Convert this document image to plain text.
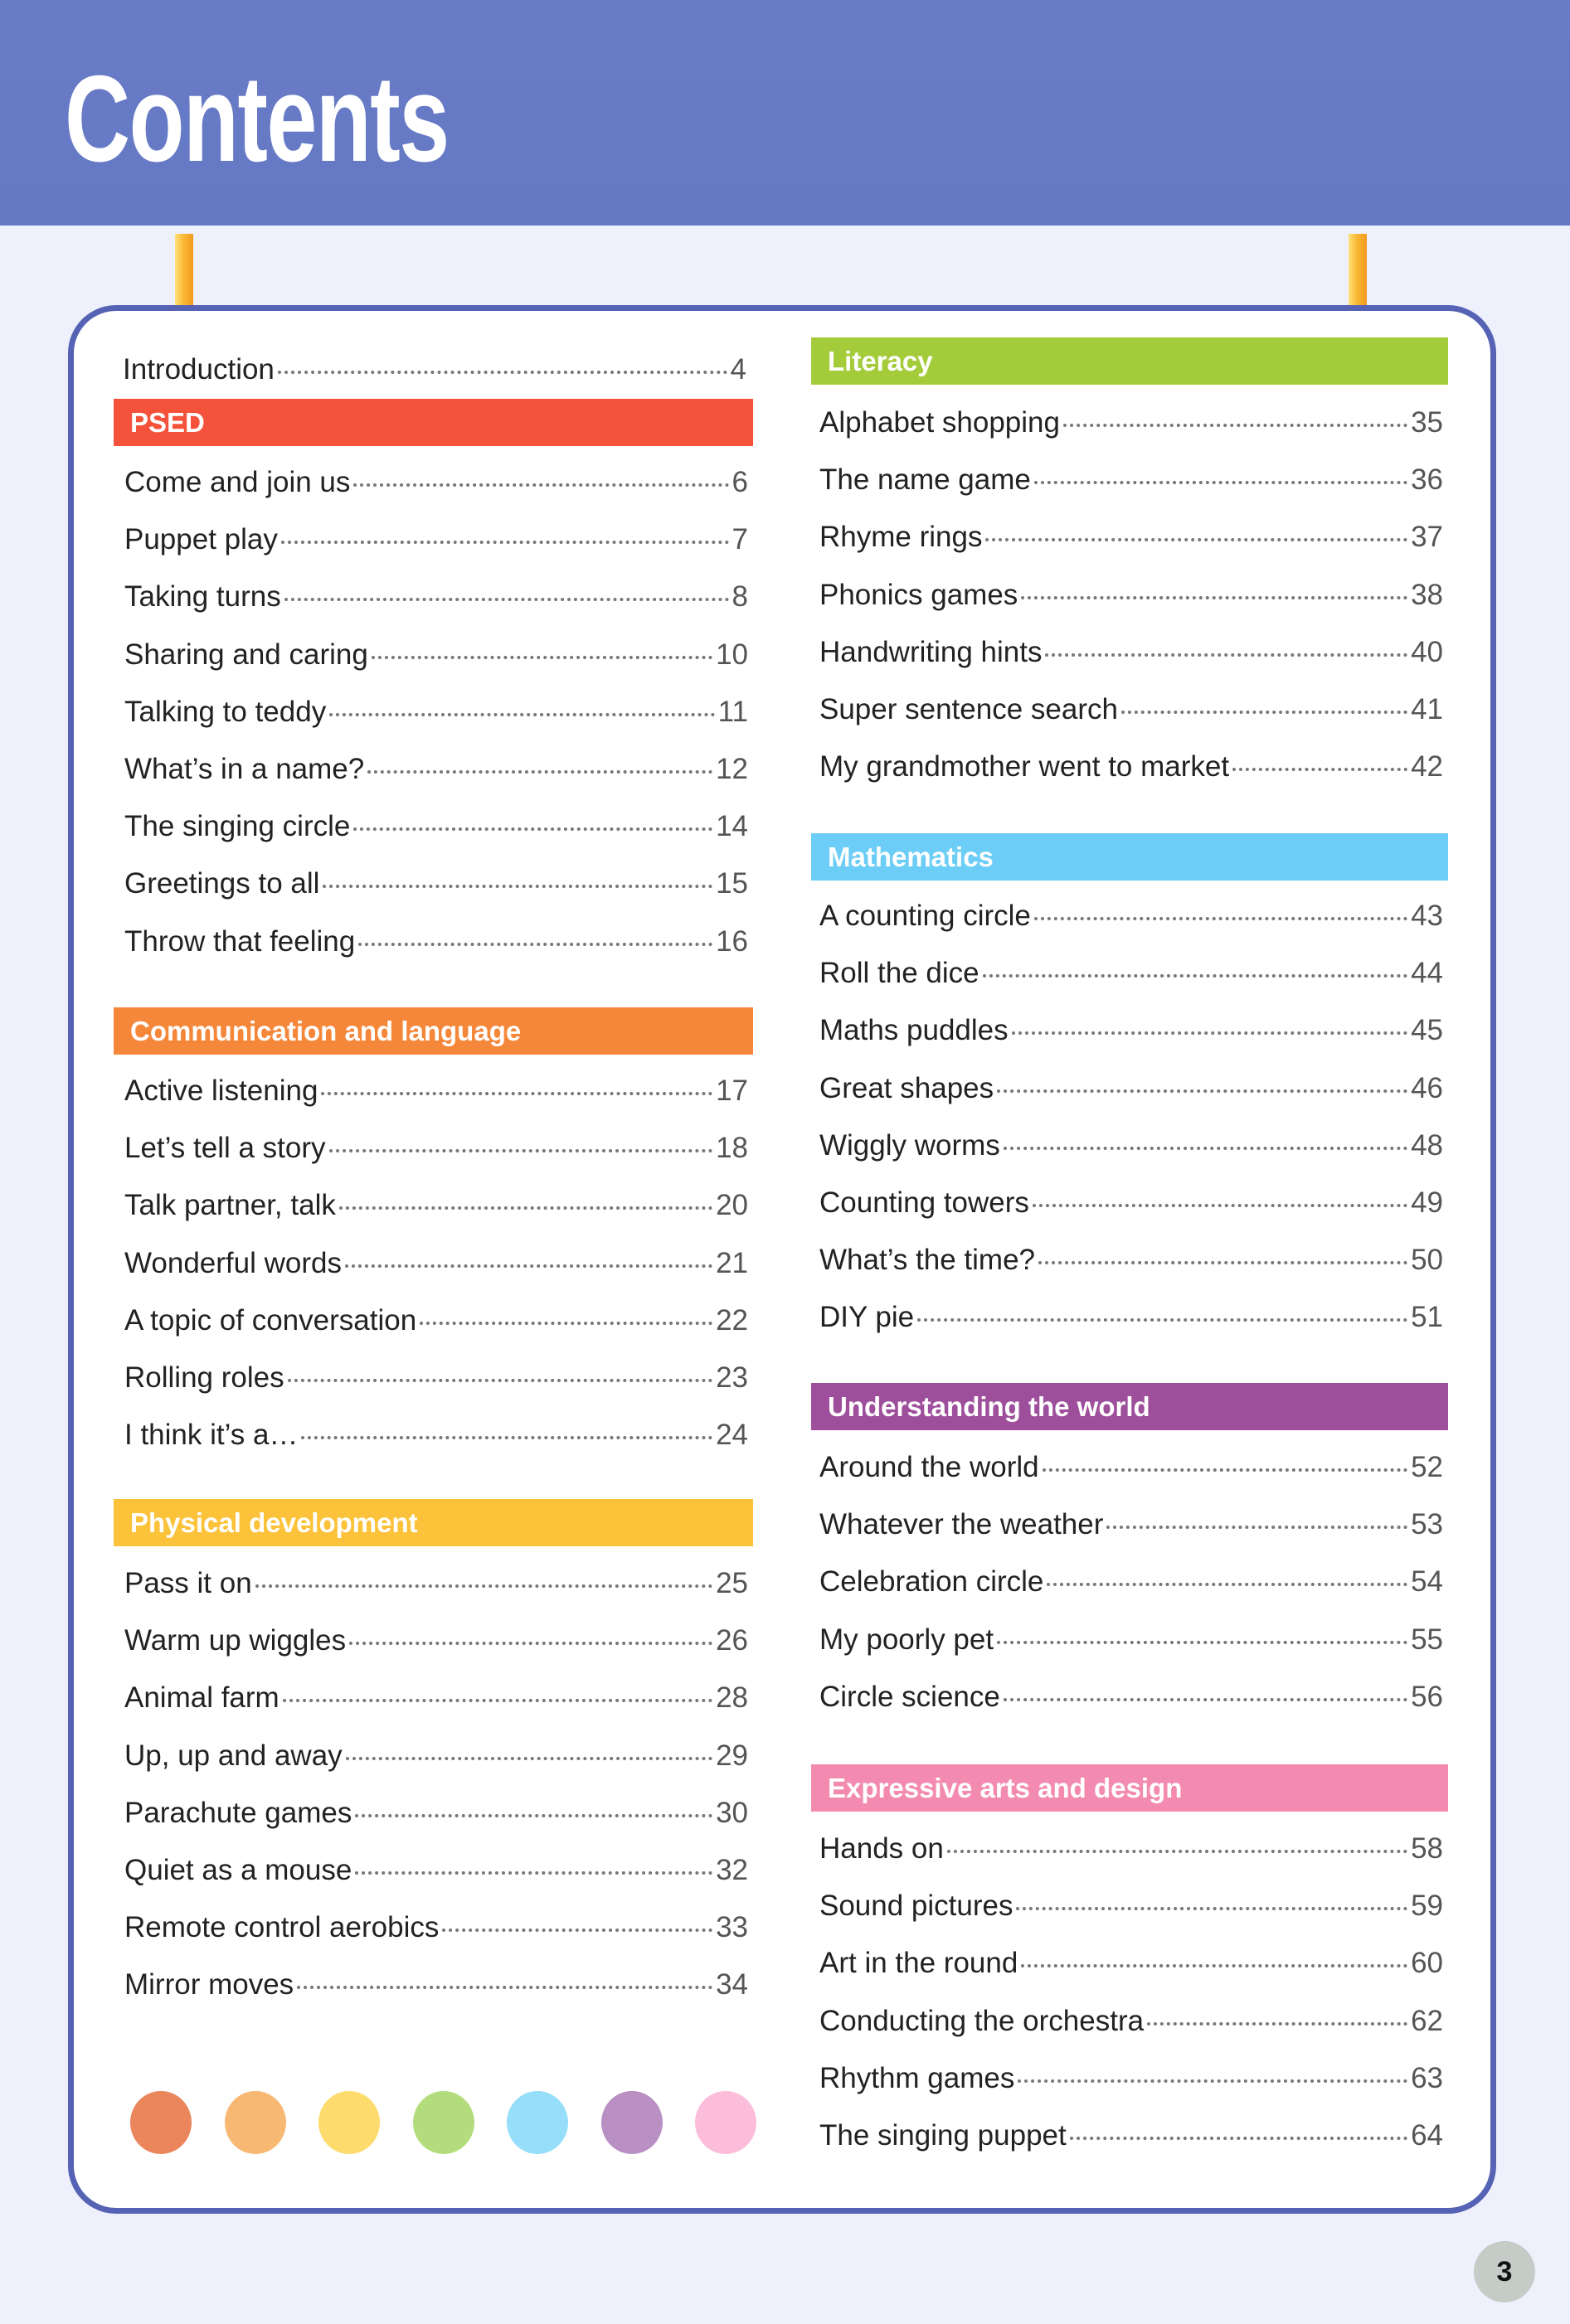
Contents
Introduction	4
PSED
Come and join us	6
Puppet play	7
Taking turns	8
Sharing and caring	10
Talking to teddy	11
What’s in a name?	12
The singing circle	14
Greetings to all	15
Throw that feeling	16
Communication and language
Active listening	17
Let’s tell a story	18
Talk partner, talk	20
Wonderful words	21
A topic of conversation	22
Rolling roles	23
I think it’s a…	24
Physical development
Pass it on	25
Warm up wiggles	26
Animal farm	28
Up, up and away	29
Parachute games	30
Quiet as a mouse	32
Remote control aerobics	33
Mirror moves	34
Literacy
Alphabet shopping	35
The name game	36
Rhyme rings	37
Phonics games	38
Handwriting hints	40
Super sentence search	41
My grandmother went to market	42
Mathematics
A counting circle	43
Roll the dice	44
Maths puddles	45
Great shapes	46
Wiggly worms	48
Counting towers	49
What’s the time?	50
DIY pie	51
Understanding the world
Around the world	52
Whatever the weather	53
Celebration circle	54
My poorly pet	55
Circle science	56
Expressive arts and design
Hands on	58
Sound pictures	59
Art in the round	60
Conducting the orchestra	62
Rhythm games	63
The singing puppet	64
3
